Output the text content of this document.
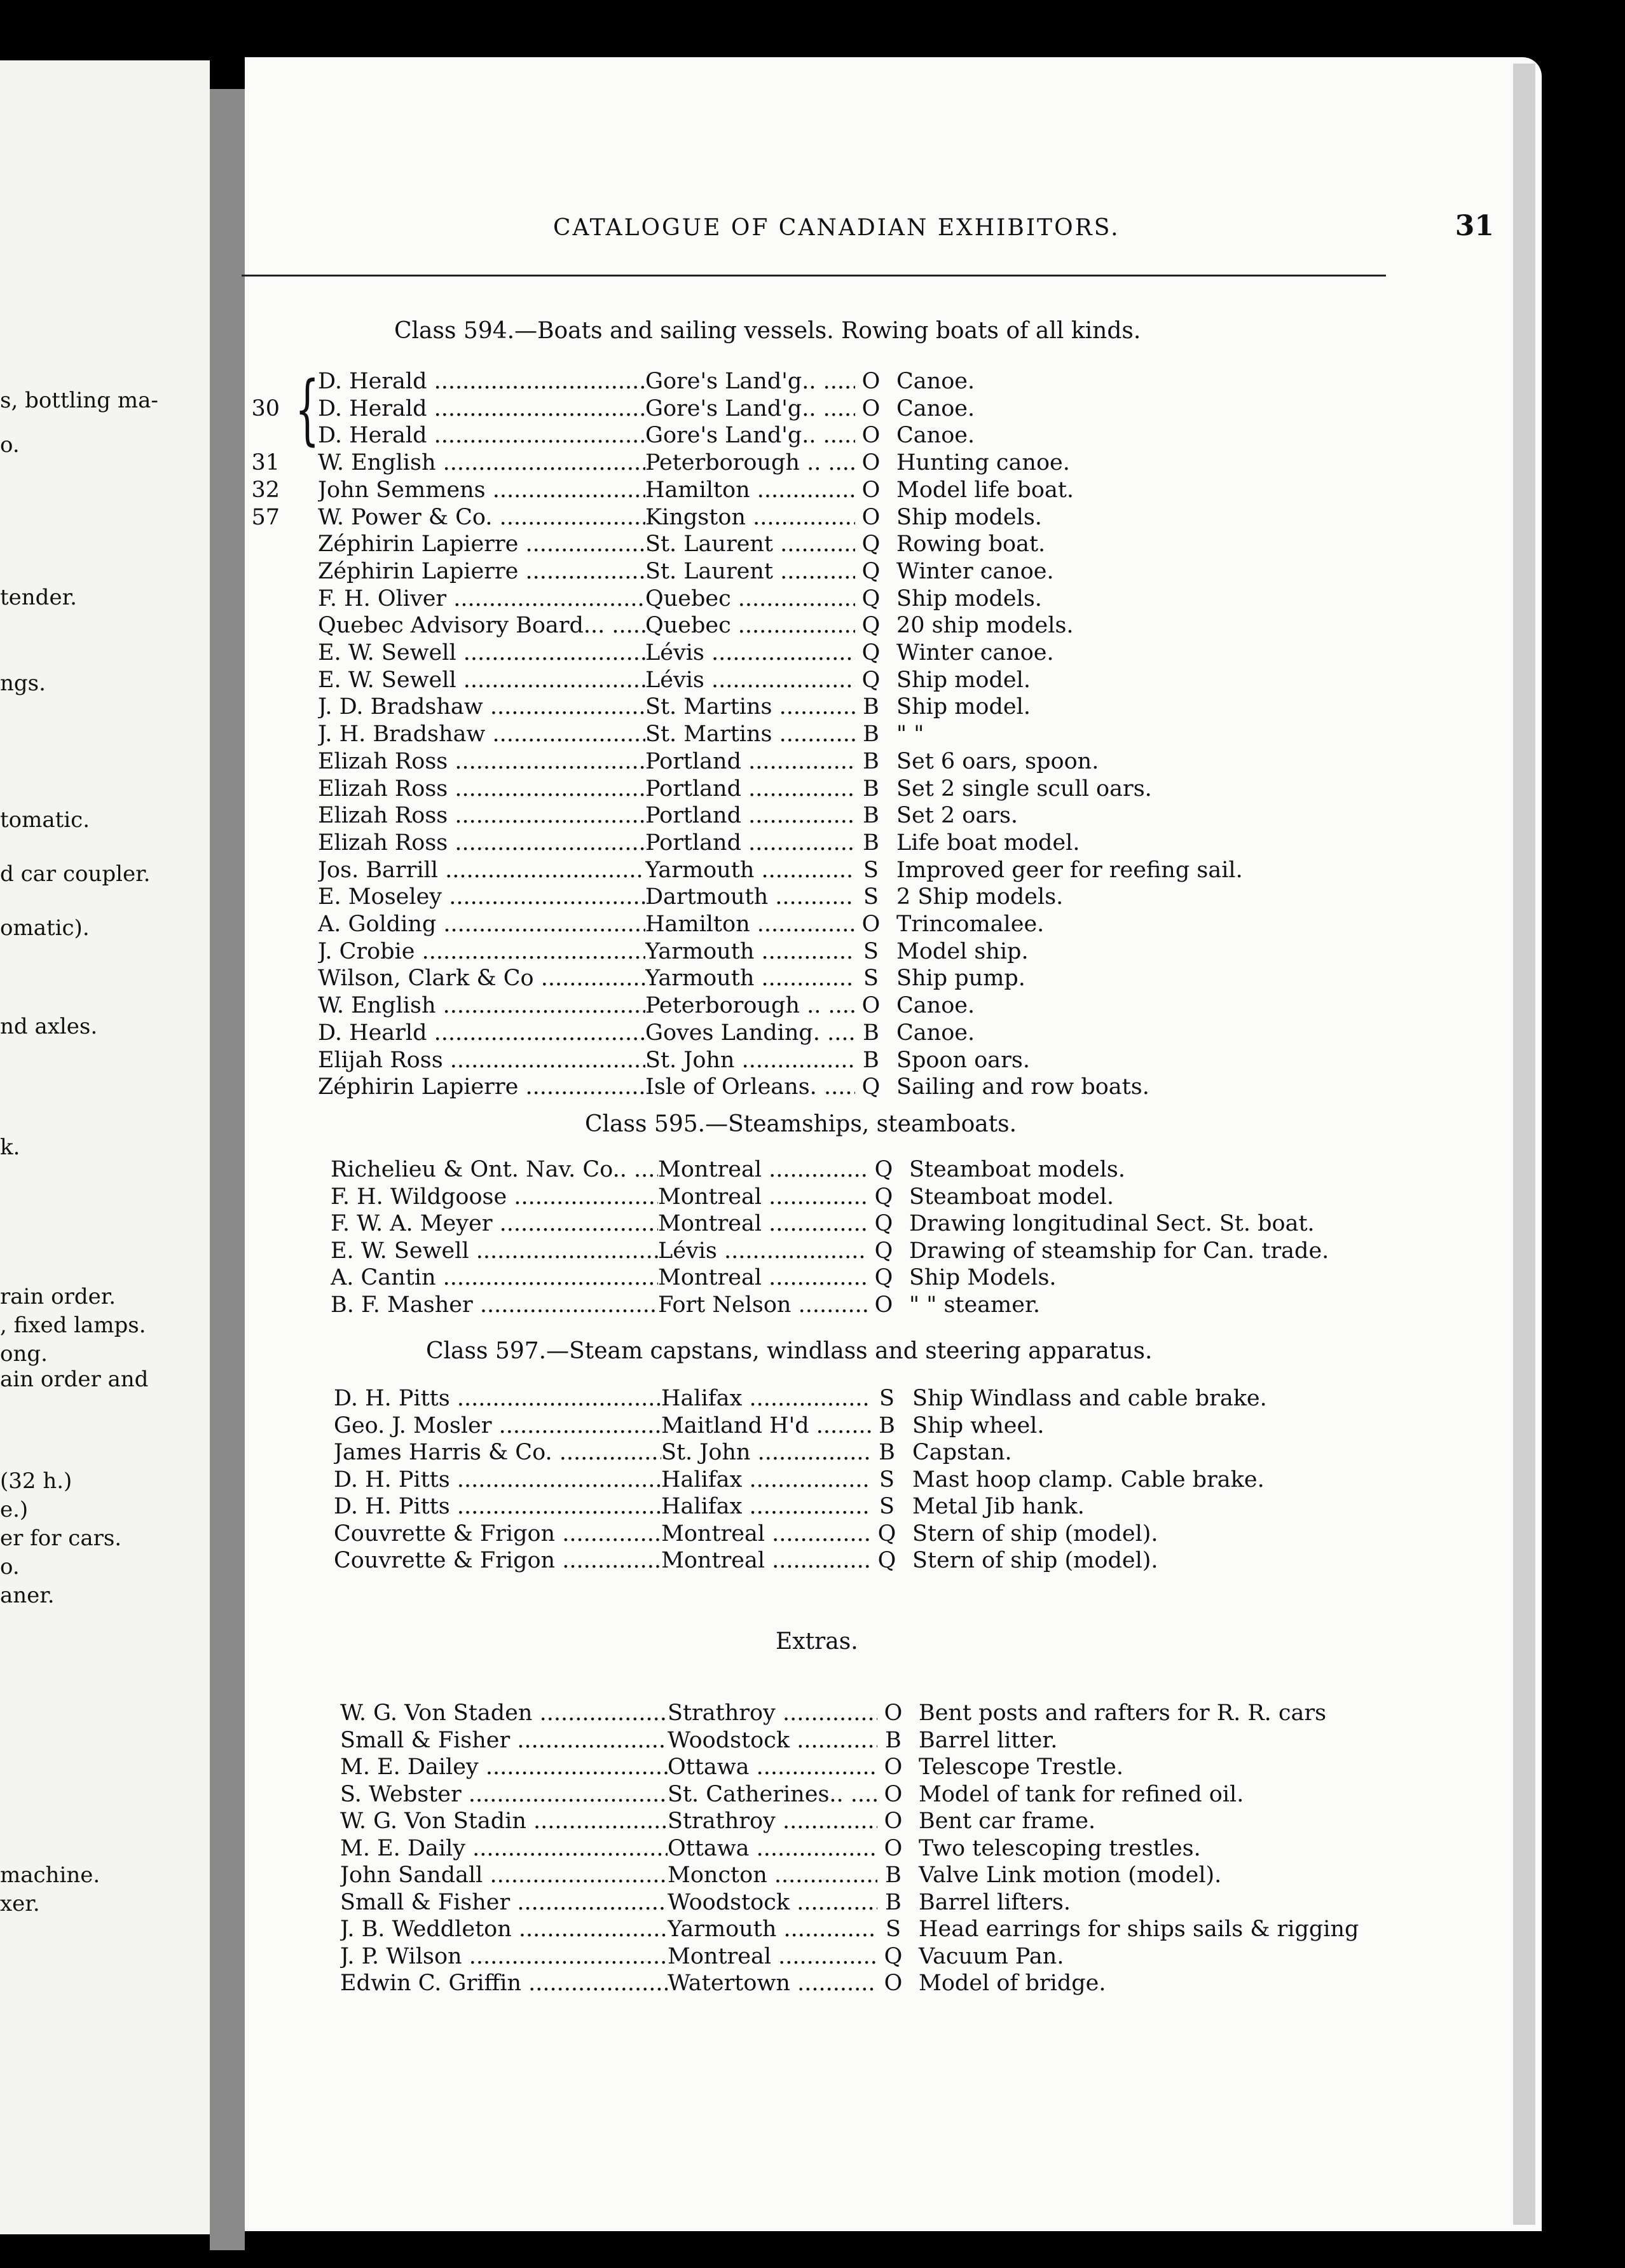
s, bottling ma-
o.
tender.
ngs.
tomatic.
d car coupler.
omatic).
nd axles.
k.
rain order.
, fixed lamps.
ong.
ain order and
(32 h.)
e.)
er for cars.
o.
aner.
machine.
xer.
CATALOGUE OF CANADIAN EXHIBITORS.	31
{
Class 594.—Boats and sailing vessels. Rowing boats of all kinds.
D. Herald .....	Gore's Land'g.. .....	O Canoe.
30 D. Herald .....	Gore's Land'g.. .....	O Canoe.
D. Herald .....	Gore's Land'g.. .....	O Canoe.
31 W. English .....	Peterborough .. .....	O Hunting canoe.
32 John Semmens .....	Hamilton .....	O Model life boat.
57 W. Power & Co. .....	Kingston .....	O Ship models.
Zéphirin Lapierre .....	St. Laurent .....	Q Rowing boat.
Zéphirin Lapierre .....	St. Laurent .....	Q Winter canoe.
F. H. Oliver .....	Quebec .....	Q Ship models.
Quebec Advisory Board... .....	Quebec .....	Q 20 ship models.
E. W. Sewell .....	Lévis .....	Q Winter canoe.
E. W. Sewell .....	Lévis .....	Q Ship model.
J. D. Bradshaw .....	St. Martins .....	B Ship model.
J. H. Bradshaw .....	St. Martins .....	B " "
Elizah Ross .....	Portland .....	B Set 6 oars, spoon.
Elizah Ross .....	Portland .....	B Set 2 single scull oars.
Elizah Ross .....	Portland .....	B Set 2 oars.
Elizah Ross .....	Portland .....	B Life boat model.
Jos. Barrill .....	Yarmouth .....	S Improved geer for reefing sail.
E. Moseley .....	Dartmouth .....	S 2 Ship models.
A. Golding .....	Hamilton .....	O Trincomalee.
J. Crobie .....	Yarmouth .....	S Model ship.
Wilson, Clark & Co .....	Yarmouth .....	S Ship pump.
W. English .....	Peterborough .. .....	O Canoe.
D. Hearld .....	Goves Landing. .....	B Canoe.
Elijah Ross .....	St. John .....	B Spoon oars.
Zéphirin Lapierre .....	Isle of Orleans. .....	Q Sailing and row boats.
Class 595.—Steamships, steamboats.
Richelieu & Ont. Nav. Co.. .....	Montreal .....	Q Steamboat models.
F. H. Wildgoose .....	Montreal .....	Q Steamboat model.
F. W. A. Meyer .....	Montreal .....	Q Drawing longitudinal Sect. St. boat.
E. W. Sewell .....	Lévis .....	Q Drawing of steamship for Can. trade.
A. Cantin .....	Montreal .....	Q Ship Models.
B. F. Masher .....	Fort Nelson .....	O " " steamer.
Class 597.—Steam capstans, windlass and steering apparatus.
D. H. Pitts .....	Halifax .....	S Ship Windlass and cable brake.
Geo. J. Mosler .....	Maitland H'd .....	B Ship wheel.
James Harris & Co. .....	St. John .....	B Capstan.
D. H. Pitts .....	Halifax .....	S Mast hoop clamp. Cable brake.
D. H. Pitts .....	Halifax .....	S Metal Jib hank.
Couvrette & Frigon .....	Montreal .....	Q Stern of ship (model).
Couvrette & Frigon .....	Montreal .....	Q Stern of ship (model).
Extras.
W. G. Von Staden .....	Strathroy .....	O Bent posts and rafters for R. R. cars
Small & Fisher .....	Woodstock .....	B Barrel litter.
M. E. Dailey .....	Ottawa .....	O Telescope Trestle.
S. Webster .....	St. Catherines.. .....	O Model of tank for refined oil.
W. G. Von Stadin .....	Strathroy .....	O Bent car frame.
M. E. Daily .....	Ottawa .....	O Two telescoping trestles.
John Sandall .....	Moncton .....	B Valve Link motion (model).
Small & Fisher .....	Woodstock .....	B Barrel lifters.
J. B. Weddleton .....	Yarmouth .....	S Head earrings for ships sails & rigging
J. P. Wilson .....	Montreal .....	Q Vacuum Pan.
Edwin C. Griffin .....	Watertown .....	O Model of bridge.
